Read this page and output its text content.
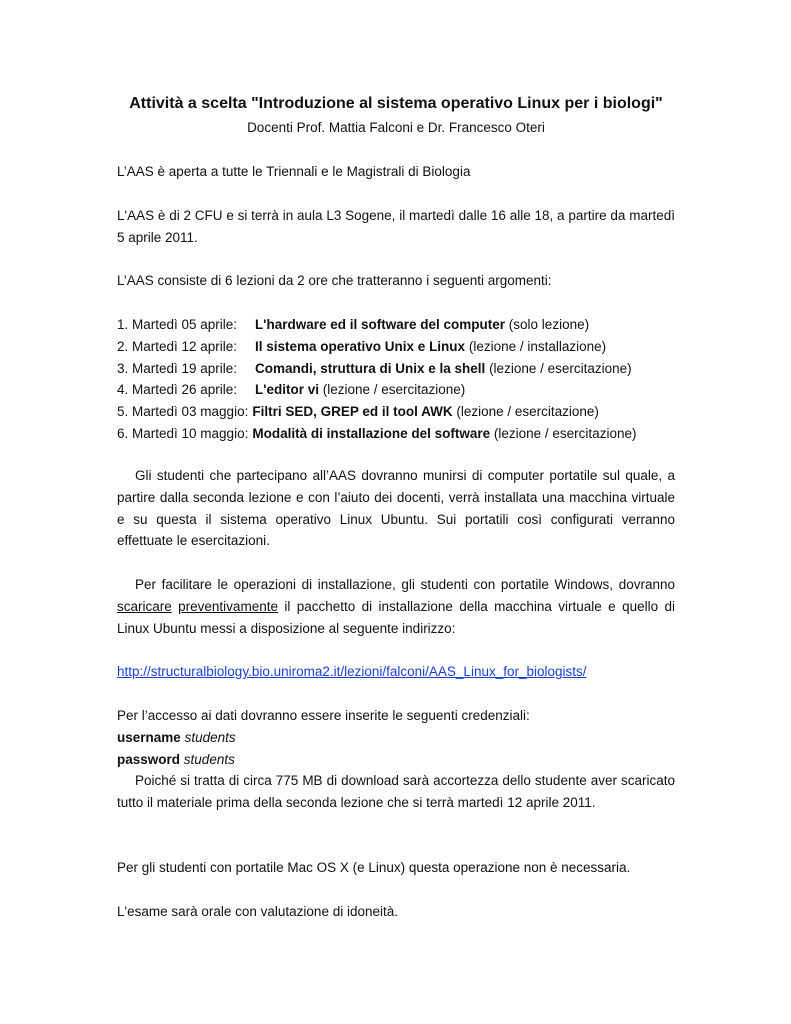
Attività a scelta "Introduzione al sistema operativo Linux per i biologi"
Docenti Prof. Mattia Falconi e Dr. Francesco Oteri
L’AAS è aperta a tutte le Triennali e le Magistrali di Biologia
L'AAS è di 2 CFU e si terrà in aula L3 Sogene, il martedì dalle 16 alle 18, a partire da martedì 5 aprile 2011.
L’AAS consiste di 6 lezioni da 2 ore che tratteranno i seguenti argomenti:
1. Martedì 05 aprile: L'hardware ed il software del computer (solo lezione)
2. Martedì 12 aprile: Il sistema operativo Unix e Linux (lezione / installazione)
3. Martedì 19 aprile: Comandi, struttura di Unix e la shell (lezione / esercitazione)
4. Martedì 26 aprile: L'editor vi (lezione / esercitazione)
5. Martedì 03 maggio: Filtri SED, GREP ed il tool AWK (lezione / esercitazione)
6. Martedì 10 maggio: Modalità di installazione del software (lezione / esercitazione)
Gli studenti che partecipano all’AAS dovranno munirsi di computer portatile sul quale, a partire dalla seconda lezione e con l’aiuto dei docenti, verrà installata una macchina virtuale e su questa il sistema operativo Linux Ubuntu. Sui portatili così configurati verranno effettuate le esercitazioni.
Per facilitare le operazioni di installazione, gli studenti con portatile Windows, dovranno scaricare preventivamente il pacchetto di installazione della macchina virtuale e quello di Linux Ubuntu messi a disposizione al seguente indirizzo:
http://structuralbiology.bio.uniroma2.it/lezioni/falconi/AAS_Linux_for_biologists/
Per l’accesso ai dati dovranno essere inserite le seguenti credenziali:
username students
password students
Poiché si tratta di circa 775 MB di download sarà accortezza dello studente aver scaricato tutto il materiale prima della seconda lezione che si terrà martedì 12 aprile 2011.
Per gli studenti con portatile Mac OS X (e Linux) questa operazione non è necessaria.
L'esame sarà orale con valutazione di idoneità.
